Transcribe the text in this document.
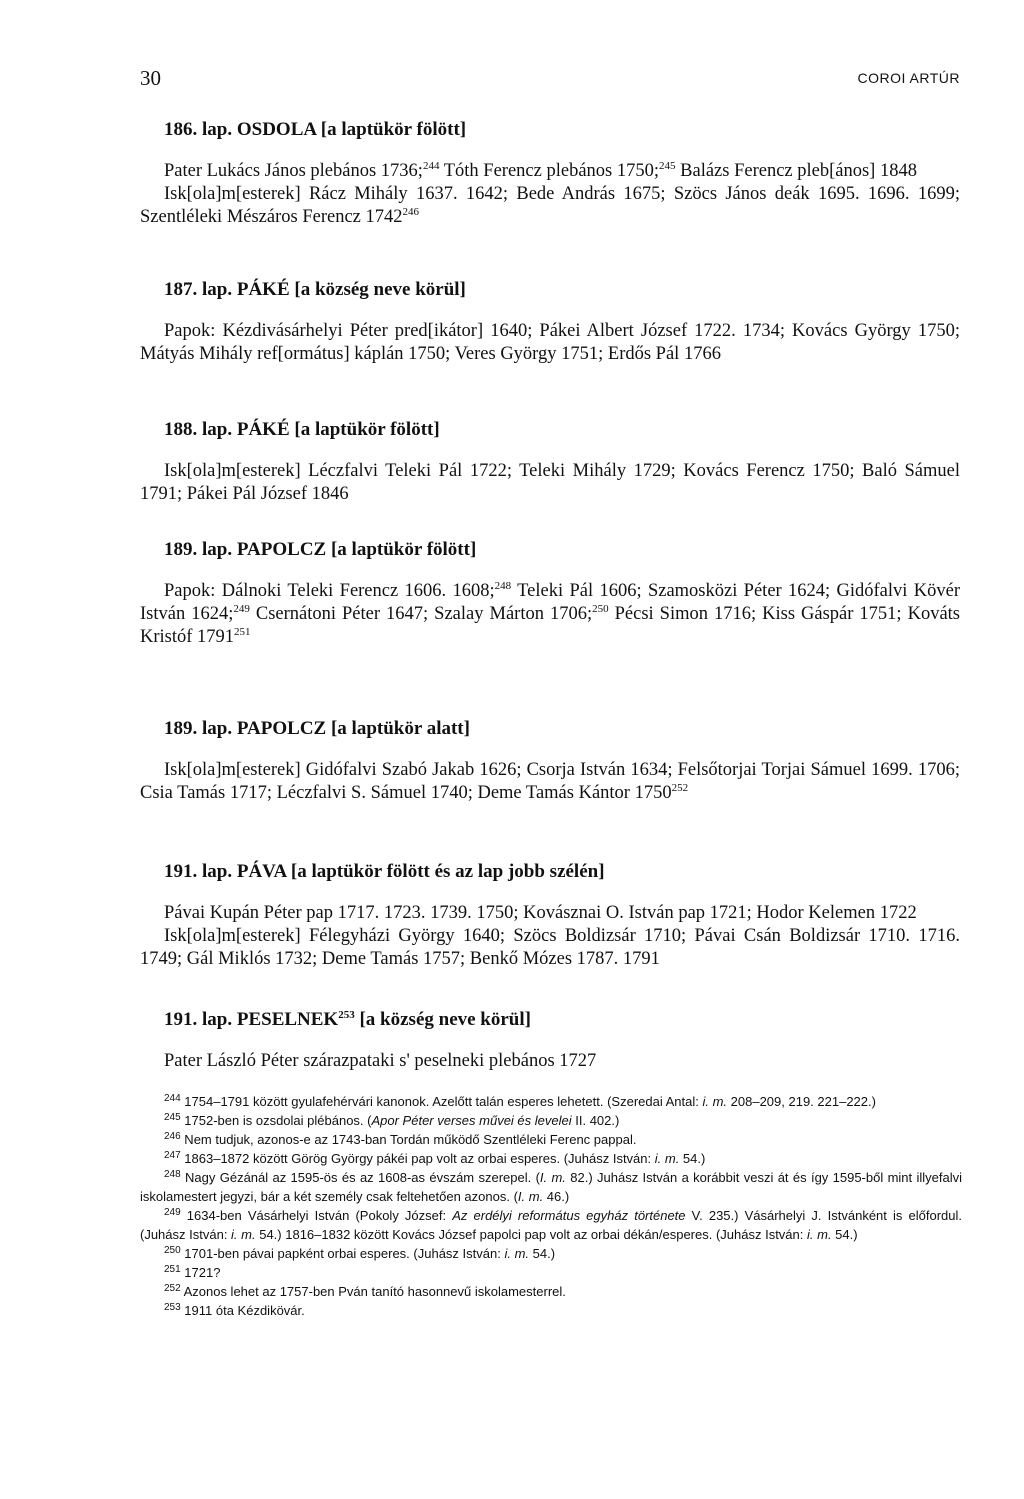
30	COROI ARTÚR
186. lap. OSDOLA [a laptükör fölött]

Pater Lukács János plebános 1736;$^{244}$ Tóth Ferencz plebános 1750;$^{245}$ Balázs Ferencz pleb[ános] 1848

Isk[ola]m[esterek] Rácz Mihály 1637. 1642; Bede András 1675; Szöcs János deák 1695. 1696. 1699; Szentléleki Mészáros Ferencz 1742$^{246}$

187. lap. PÁKÉ [a község neve körül]

Papok: Kézdivásárhelyi Péter pred[ikátor] 1640; Pákei Albert József 1722. 1734; Kovács György 1750; Mátyás Mihály ref[ormátus] káplán 1750; Veres György 1751; Erdős Pál 1766

188. lap. PÁKÉ [a laptükör fölött]

Isk[ola]m[esterek] Léczfalvi Teleki Pál 1722; Teleki Mihály 1729; Kovács Ferencz 1750; Baló Sámuel 1791; Pákei Pál József 1846

189. lap. PAPOLCZ [a laptükör fölött]

Papok: Dálnoki Teleki Ferencz 1606. 1608;$^{248}$ Teleki Pál 1606; Szamosközi Péter 1624; Gidófalvi Kövér István 1624;$^{249}$ Csernátoni Péter 1647; Szalay Márton 1706;$^{250}$ Pécsi Simon 1716; Kiss Gáspár 1751; Kováts Kristóf 1791$^{251}$

189. lap. PAPOLCZ [a laptükör alatt]

Isk[ola]m[esterek] Gidófalvi Szabó Jakab 1626; Csorja István 1634; Felsőtorjai Torjai Sámuel 1699. 1706; Csia Tamás 1717; Léczfalvi S. Sámuel 1740; Deme Tamás Kántor 1750$^{252}$

191. lap. PÁVA [a laptükör fölött és az lap jobb szélén]

Pávai Kupán Péter pap 1717. 1723. 1739. 1750; Kovásznai O. István pap 1721; Hodor Kelemen 1722

Isk[ola]m[esterek] Félegyházi György 1640; Szöcs Boldizsár 1710; Pávai Csán Boldizsár 1710. 1716. 1749; Gál Miklós 1732; Deme Tamás 1757; Benkő Mózes 1787. 1791

191. lap. PESELNEK$^{253}$ [a község neve körül]

Pater László Péter szárazpataki s' peselneki plebános 1727

$^{244}$ 1754–1791 között gyulafehérvári kanonok. Azelőtt talán esperes lehetett. (Szeredai Antal: i. m. 208–209, 219. 221–222.)

$^{245}$ 1752-ben is ozsdolai plébános. (Apor Péter verses művei és levelei II. 402.)

$^{246}$ Nem tudjuk, azonos-e az 1743-ban Tordán működő Szentléleki Ferenc pappal.

$^{247}$ 1863–1872 között Görög György pákéi pap volt az orbai esperes. (Juhász István: i. m. 54.)

$^{248}$ Nagy Gézánál az 1595-ös és az 1608-as évszám szerepel. (I. m. 82.) Juhász István a korábbit veszi át és így 1595-ből mint illyefalvi iskolamestert jegyzi, bár a két személy csak feltehetően azonos. (I. m. 46.)

$^{249}$ 1634-ben Vásárhelyi István (Pokoly József: Az erdélyi református egyház története V. 235.) Vásárhelyi J. Istvánként is előfordul. (Juhász István: i. m. 54.) 1816–1832 között Kovács József papolci pap volt az orbai dékán/esperes. (Juhász István: i. m. 54.)

$^{250}$ 1701-ben pávai papként orbai esperes. (Juhász István: i. m. 54.)

$^{251}$ 1721?

$^{252}$ Azonos lehet az 1757-ben Pván tanító hasonnevű iskolamesterrel.

$^{253}$ 1911 óta Kézdikövár.
